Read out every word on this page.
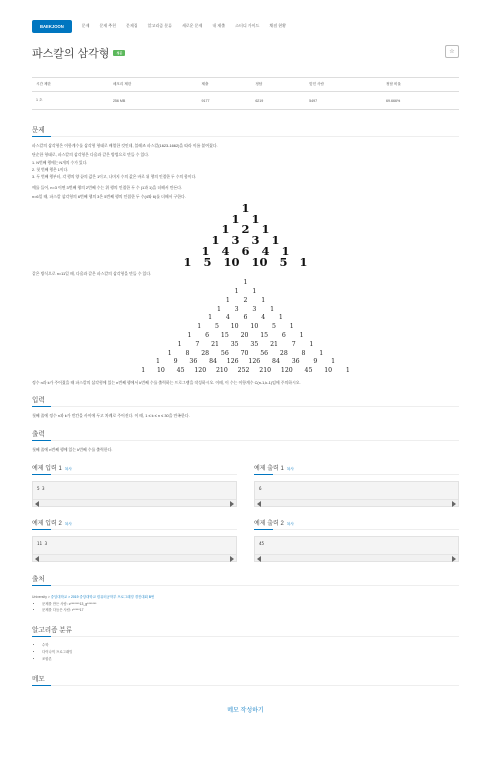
BAEKJOON	문제	문제 추천	문제집	알고리즘 분류	새로운 문제	내 제출	스터디 가이드	채점 현황
파스칼의 삼각형	성공	☆
시간 제한	메모리 제한	제출	정답	맞힌 사람	정답 비율
1 초	256 MB	9177	6219	5497	69.666%
문제

파스칼의 삼각형은 이항계수를 삼각형 형태로 배열한 것인데, 블레즈 파스칼(1623-1662)을 따라 이름 붙여졌다.

단순한 형태로, 파스칼의 삼각형은 다음과 같은 방법으로 만들 수 있다.

1. N번째 행에는 N개의 수가 있다.
2. 첫 번째 행은 1이다.
3. 두 번째 행부터, 각 행의 양 끝의 값은 1이고, 나머지 수의 값은 바로 위 행의 인접한 두 수의 합이다.

예를 들어, n=3 이면 3번째 행의 2번째 수는 위 행의 인접한 두 수 (1과 1)을 더해서 만든다.

n=6일 때, 파스칼 삼각형의 6번째 행의 3은 5번째 행의 인접한 두 수(4와 6)를 더해서 구한다.

1
1   1
1   2   1
1   3   3   1
1   4   6   4   1
1   5   10   10   5   1

같은 방식으로 n=11일 때, 다음과 같은 파스칼의 삼각형을 만들 수 있다.

1
1       1
1       2       1
1       3       3       1
1       4       6       4       1
1       5      10      10       5       1
1       6      15      20      15       6       1
1       7      21      35      35      21       7       1
1       8      28      56      70      56      28       8       1
1       9      36      84     126     126      84      36       9       1
1      10      45     120     210     252     210     120      45      10       1

정수 n과 k가 주어졌을 때 파스칼의 삼각형에 있는 n번째 행에서 k번째 수를 출력하는 프로그램을 작성하시오. 이때, 이 수는 이항계수 C(n-1,k-1)임에 주의하시오.

입력

첫째 줄에 정수 n과 k가 빈칸을 사이에 두고 차례로 주어진다. 이 때, 1 ≤ k ≤ n ≤ 30을 만족한다.

출력

첫째 줄에 n번째 행에 있는 k번째 수를 출력한다.

예제 입력 1 복사
5 3
예제 출력 1 복사
6
예제 입력 2 복사
11 3
예제 출력 2 복사
45
출처

University > 중앙대학교 > 2019 중앙대학교 컴퓨터공학부 프로그래밍 경진대회 B번

• 문제를 만든 사람: c*******13_g*******
• 문제를 다듬은 사람: r*****17
알고리즘 분류
• 수학
• 다이나믹 프로그래밍
• 조합론
메모
메모 작성하기
